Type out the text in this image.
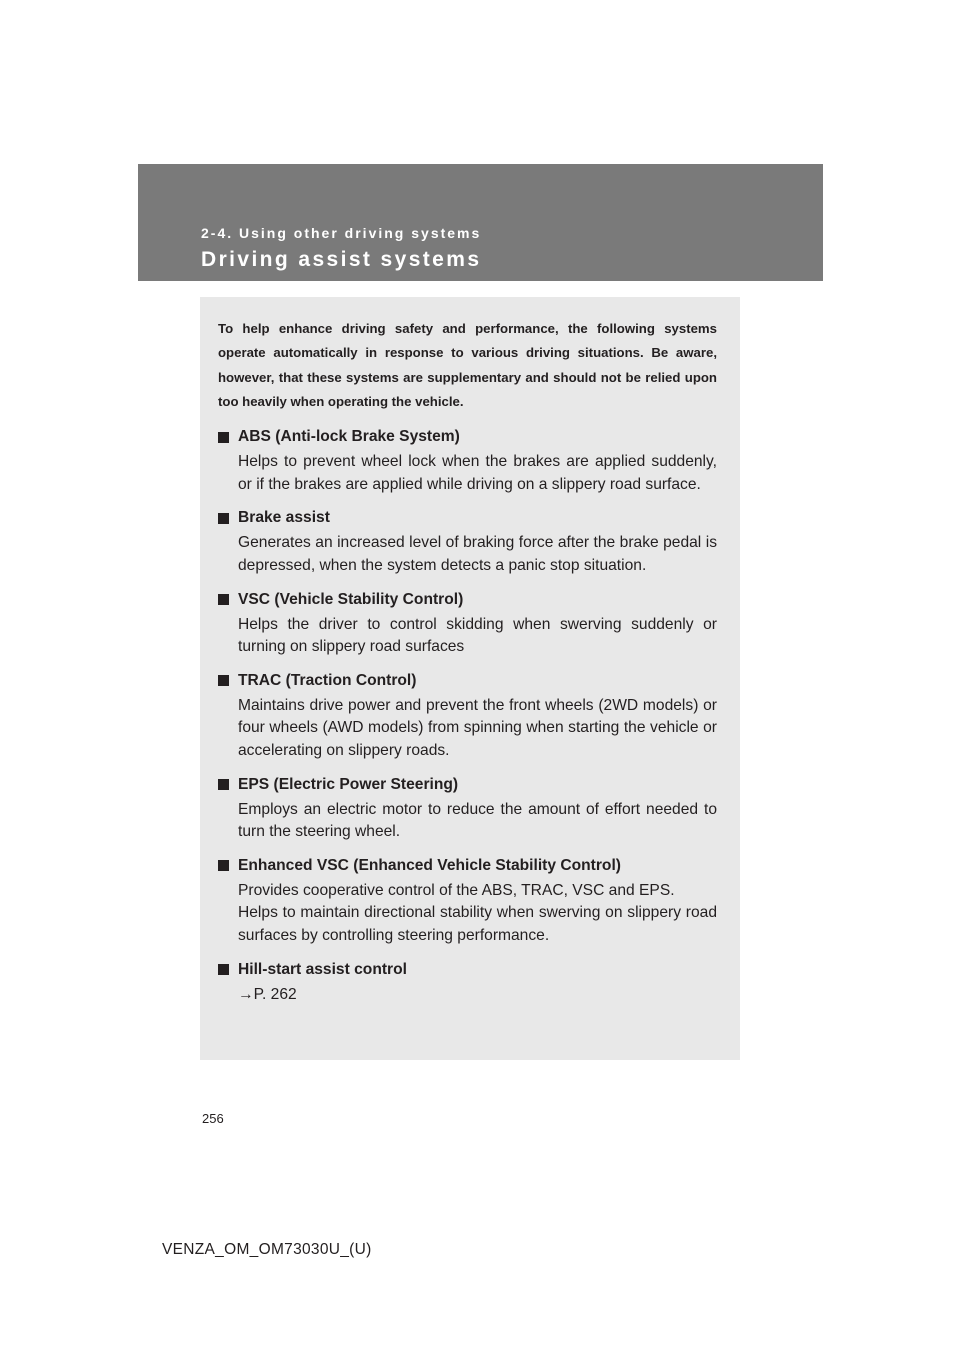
2-4. Using other driving systems
Driving assist systems

To help enhance driving safety and performance, the following systems operate automatically in response to various driving situations. Be aware, however, that these systems are supplementary and should not be relied upon too heavily when operating the vehicle.

ABS (Anti-lock Brake System)

Helps to prevent wheel lock when the brakes are applied suddenly, or if the brakes are applied while driving on a slippery road surface.

Brake assist

Generates an increased level of braking force after the brake pedal is depressed, when the system detects a panic stop situation.

VSC (Vehicle Stability Control)

Helps the driver to control skidding when swerving suddenly or turning on slippery road surfaces

TRAC (Traction Control)

Maintains drive power and prevent the front wheels (2WD models) or four wheels (AWD models) from spinning when starting the vehicle or accelerating on slippery roads.

EPS (Electric Power Steering)

Employs an electric motor to reduce the amount of effort needed to turn the steering wheel.

Enhanced VSC (Enhanced Vehicle Stability Control)

Provides cooperative control of the ABS, TRAC, VSC and EPS.

Helps to maintain directional stability when swerving on slippery road surfaces by controlling steering performance.

Hill-start assist control

→P. 262

256
VENZA_OM_OM73030U_(U)
